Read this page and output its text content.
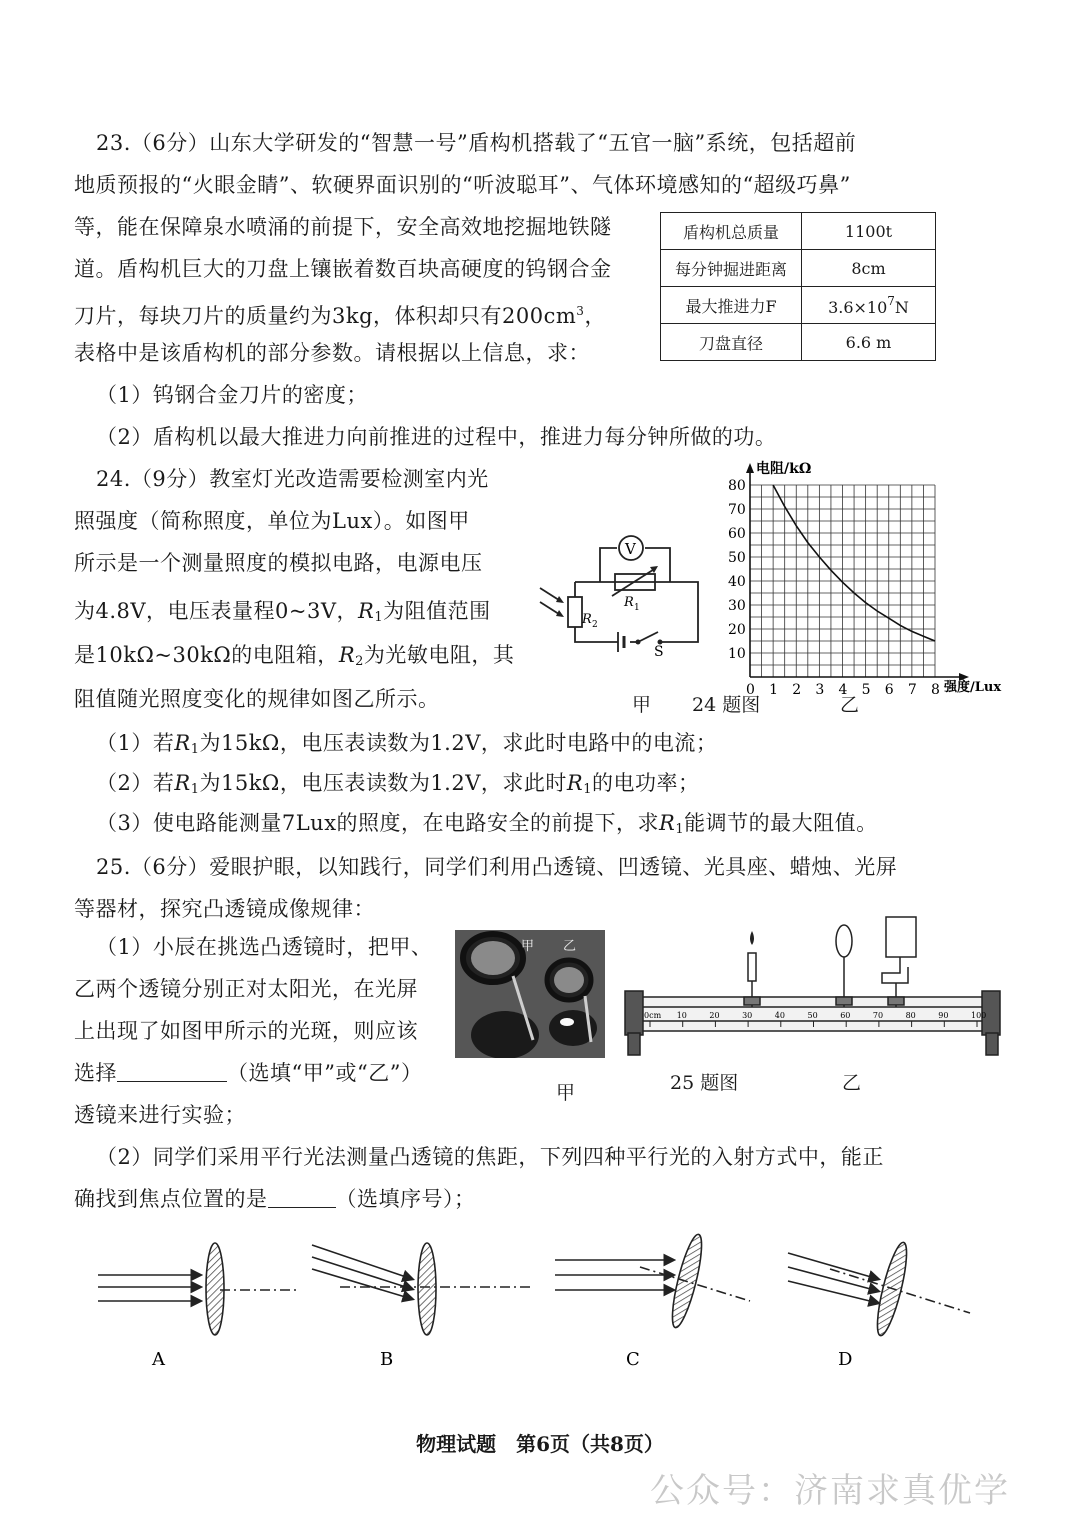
23.（6分）山东大学研发的“智慧一号”盾构机搭载了“五官一脑”系统，包括超前
地质预报的“火眼金睛”、软硬界面识别的“听波聪耳”、气体环境感知的“超级巧鼻”
等，能在保障泉水喷涌的前提下，安全高效地挖掘地铁隧
道。盾构机巨大的刀盘上镶嵌着数百块高硬度的钨钢合金
刀片，每块刀片的质量约为3kg，体积却只有$200cm^3$，
表格中是该盾构机的部分参数。请根据以上信息，求：
（1）钨钢合金刀片的密度；
（2）盾构机以最大推进力向前推进的过程中，推进力每分钟所做的功。
盾构机总质量	1100t
每分钟掘进距离	8cm
最大推进力F	$3.6\times 10^7N$
刀盘直径	6.6 m
24.（9分）教室灯光改造需要检测室内光
照强度（简称照度，单位为Lux）。如图甲
所示是一个测量照度的模拟电路，电源电压
为4.8V，电压表量程0~3V，$R_1$为阻值范围
是10kΩ~30kΩ的电阻箱，$R_2$为光敏电阻，其
阻值随光照度变化的规律如图乙所示。
（1）若$R_1$为15kΩ，电压表读数为1.2V，求此时电路中的电流；
（2）若$R_1$为15kΩ，电压表读数为1.2V，求此时$R_1$的电功率；
（3）使电路能测量7Lux的照度，在电路安全的前提下，求$R_1$能调节的最大阻值。
V
R 1
R 2
S
0 1 2 3 4 5 6 7 8
10
20
30
40
50
60
70
80
电阻/kΩ
强度/Lux
甲 24 题图	乙
25.（6分）爱眼护眼，以知践行，同学们利用凸透镜、凹透镜、光具座、蜡烛、光屏
等器材，探究凸透镜成像规律：
（1）小辰在挑选凸透镜时，把甲、
乙两个透镜分别正对太阳光，在光屏
上出现了如图甲所示的光斑，则应该
选择	（选填“甲”或“乙”）
透镜来进行实验；
（2）同学们采用平行光法测量凸透镜的焦距，下列四种平行光的入射方式中，能正
确找到焦点位置的是	（选填序号）；
甲 乙
0cm 10	20	30	40	50	60	70	80	90	100
甲	25 题图	乙
A	B	C	D
物理试题　第6页（共8页）
公众号：济南求真优学
